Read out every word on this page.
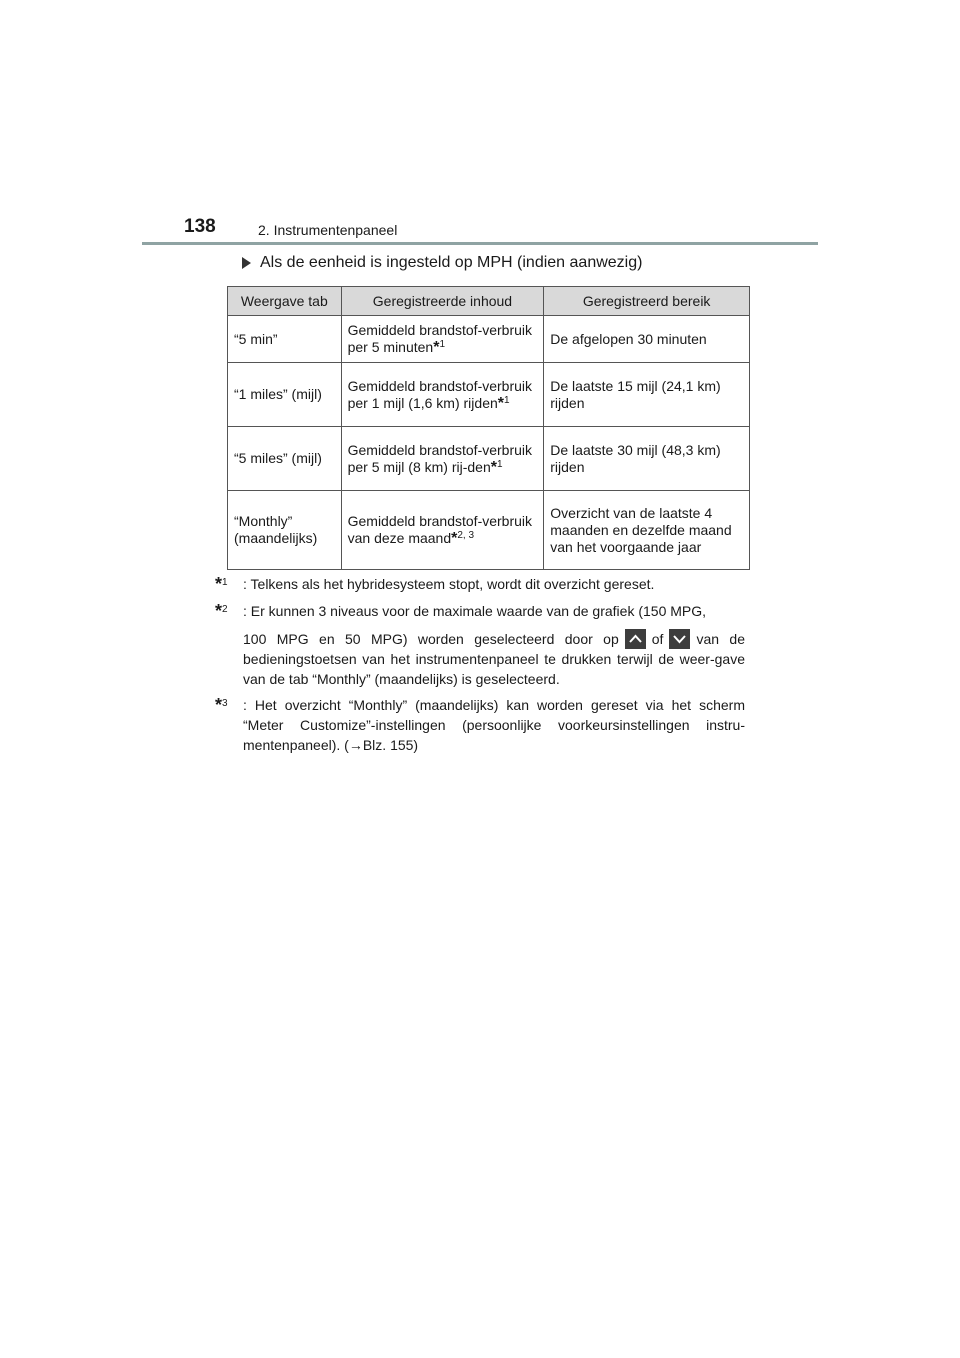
138	2. Instrumentenpaneel
Als de eenheid is ingesteld op MPH (indien aanwezig)
Weergave tab	Geregistreerde inhoud	Geregistreerd bereik
“5 min”	Gemiddeld brandstof-verbruik per 5 minuten*$^1$	De afgelopen 30 minuten
“1 miles” (mijl)	Gemiddeld brandstof-verbruik per 1 mijl (1,6 km) rijden*$^1$	De laatste 15 mijl (24,1 km) rijden
“5 miles” (mijl)	Gemiddeld brandstof-verbruik per 5 mijl (8 km) rij-den*$^1$	De laatste 30 mijl (48,3 km) rijden
“Monthly” (maandelijks)	Gemiddeld brandstof-verbruik van deze maand*$^{2, 3}$	Overzicht van de laatste 4 maanden en dezelfde maand van het voorgaande jaar
*$^1$	: Telkens als het hybridesysteem stopt, wordt dit overzicht gereset.
*$^2$	: Er kunnen 3 niveaus voor de maximale waarde van de grafiek (150 MPG,

100 MPG en 50 MPG) worden geselecteerd door op of van de bedieningstoetsen van het instrumentenpaneel te drukken terwijl de weer-gave van de tab “Monthly” (maandelijks) is geselecteerd.

*$^3$	: Het overzicht “Monthly” (maandelijks) kan worden gereset via het scherm “Meter Customize”-instellingen (persoonlijke voorkeursinstellingen instru-mentenpaneel). (→Blz. 155)
